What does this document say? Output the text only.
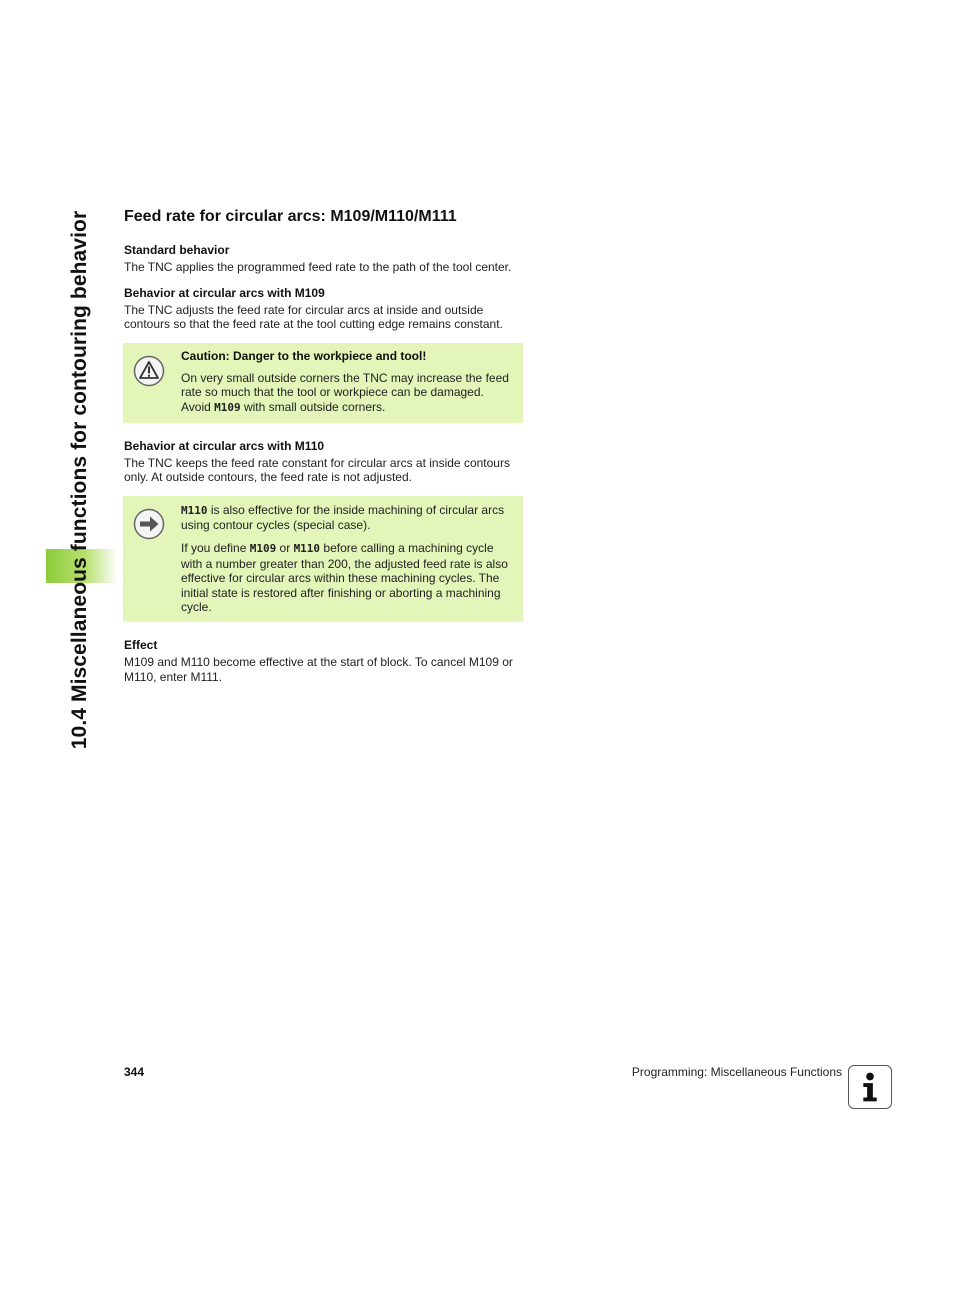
10.4 Miscellaneous functions for contouring behavior Feed rate for circular arcs: M109/M110/M111
Standard behavior

The TNC applies the programmed feed rate to the path of the tool center.

Behavior at circular arcs with M109

The TNC adjusts the feed rate for circular arcs at inside and outside contours so that the feed rate at the tool cutting edge remains constant.

Caution: Danger to the workpiece and tool!

On very small outside corners the TNC may increase the feed rate so much that the tool or workpiece can be damaged. Avoid M109 with small outside corners.

Behavior at circular arcs with M110

The TNC keeps the feed rate constant for circular arcs at inside contours only. At outside contours, the feed rate is not adjusted.

M110 is also effective for the inside machining of circular arcs using contour cycles (special case).

If you define M109 or M110 before calling a machining cycle with a number greater than 200, the adjusted feed rate is also effective for circular arcs within these machining cycles. The initial state is restored after finishing or aborting a machining cycle.

Effect

M109 and M110 become effective at the start of block. To cancel M109 or M110, enter M111.

344	Programming: Miscellaneous Functions
